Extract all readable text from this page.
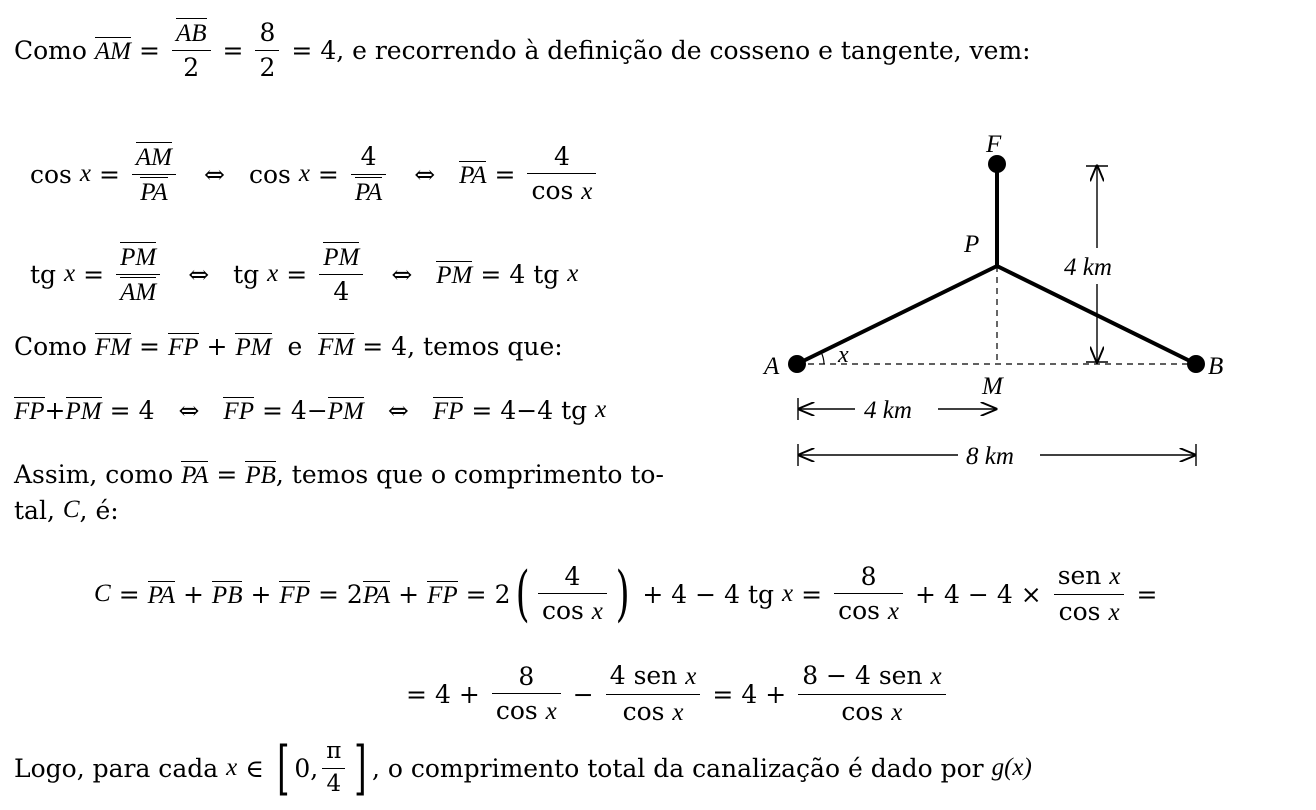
Como
AM = $\frac{AB}{2} = \frac{8}{2} = 4$ , e recorrendo à definição de cosseno e tangente, vem:
cos
$x = \frac{AM}{PA}$ ⇔ cos
$x = \frac{4}{PA}$ ⇔ PA = $\frac{4}{\text{cos x}}$
tg
$x = \frac{PM}{AM}$ ⇔ tg
$x = \frac{PM}{4}$ ⇔ PM = 4
tg
x
Como
FM = FP + PM
e
FM = 4 , temos que:
FP + PM = 4 ⇔ FP = 4 − PM ⇔ FP = 4 − 4
tg
x
Assim, como
PA = PB , temos que o comprimento to-
tal,
C , é:
C = PA + PB + FP = 2 PA + FP = 2 ( $\frac{4}{\text{cos x}}$ ) + 4 − 4
tg
$x = \frac{8}{\text{cos x}} + 4 - 4 \times \frac{\text{sen x}}{\text{cos x}}$ =
= $4 + \frac{8}{\text{cos x}} - \frac{\text{4 sen x}}{\text{cos x}} = 4 + \frac{\text{8 − 4 sen x}}{\text{cos x}}$
Logo, para cada
x ∈ [ 0 , $\frac{\pi}{4}$ ] , o comprimento total da canalização é dado por
g (x)
F
P
A	B
M
x
4 km
4 km
8 km
